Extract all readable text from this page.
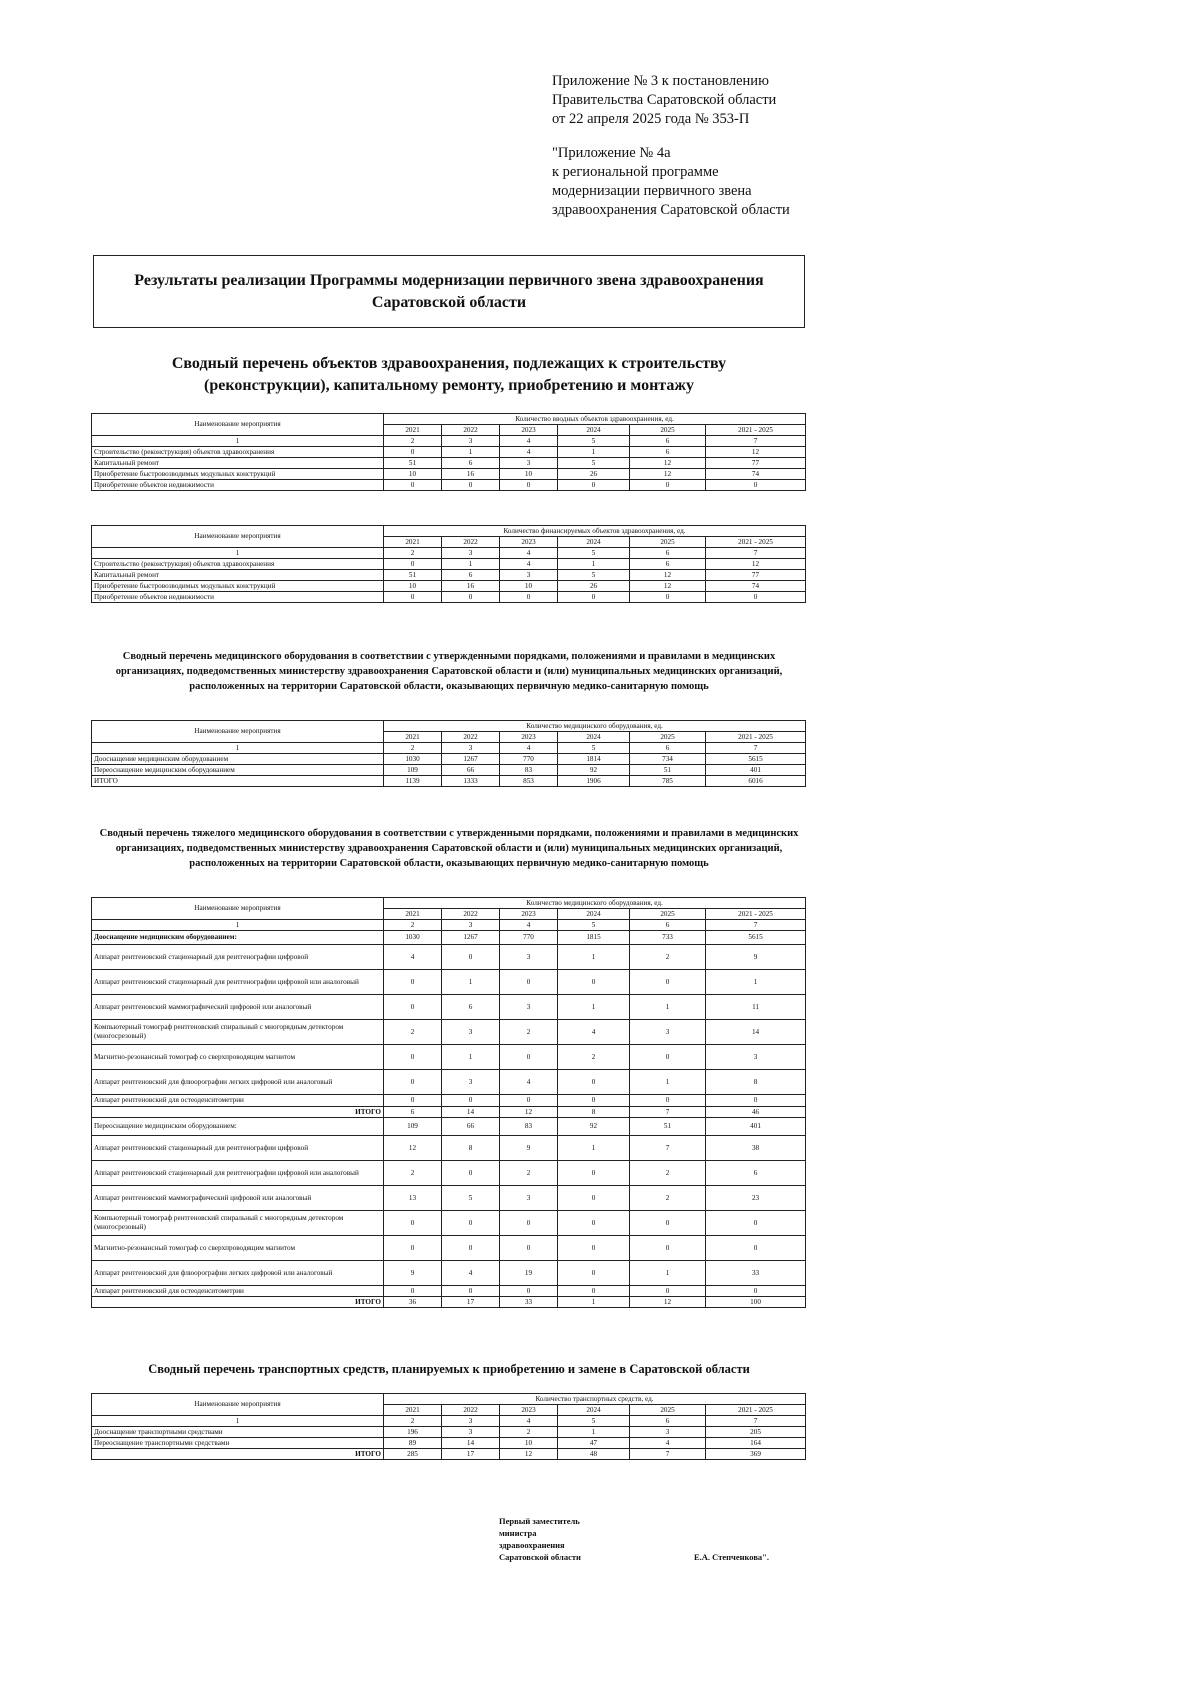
Приложение № 3 к постановлению
Правительства Саратовской области
от 22 апреля 2025 года № 353-П
"Приложение № 4а
к региональной программе
модернизации первичного звена
здравоохранения Саратовской области
Результаты реализации Программы модернизации первичного звена здравоохранения Саратовской области
Сводный перечень объектов здравоохранения, подлежащих к строительству (реконструкции), капитальному ремонту, приобретению и монтажу
Наименование мероприятия	Количество вводных объектов здравоохранения, ед.					
	2021	2022	2023	2024	2025	2021 - 2025
1	2	3	4	5	6	7
Строительство (реконструкция) объектов здравоохранения	0	1	4	1	6	12
Капитальный ремонт	51	6	3	5	12	77
Приобретение быстровозводимых модульных конструкций	10	16	10	26	12	74
Приобретение объектов недвижимости	0	0	0	0	0	0
Наименование мероприятия	Количество финансируемых объектов здравоохранения, ед.					
	2021	2022	2023	2024	2025	2021 - 2025
1	2	3	4	5	6	7
Строительство (реконструкция) объектов здравоохранения	0	1	4	1	6	12
Капитальный ремонт	51	6	3	5	12	77
Приобретение быстровозводимых модульных конструкций	10	16	10	26	12	74
Приобретение объектов недвижимости	0	0	0	0	0	0
Сводный перечень медицинского оборудования в соответствии с утвержденными порядками, положениями и правилами в медицинских организациях, подведомственных министерству здравоохранения Саратовской области и (или) муниципальных медицинских организаций, расположенных на территории Саратовской области, оказывающих первичную медико-санитарную помощь
Наименование мероприятия	Количество медицинского оборудования, ед.					
	2021	2022	2023	2024	2025	2021 - 2025
1	2	3	4	5	6	7
Дооснащение медицинским оборудованием	1030	1267	770	1814	734	5615
Переоснащение медицинским оборудованием	109	66	83	92	51	401
ИТОГО	1139	1333	853	1906	785	6016
Сводный перечень тяжелого медицинского оборудования в соответствии с утвержденными порядками, положениями и правилами в медицинских организациях, подведомственных министерству здравоохранения Саратовской области и (или) муниципальных медицинских организаций, расположенных на территории Саратовской области, оказывающих первичную медико-санитарную помощь
Наименование мероприятия	Количество медицинского оборудования, ед.					
	2021	2022	2023	2024	2025	2021 - 2025
1	2	3	4	5	6	7
Дооснащение медицинским оборудованием:	1030	1267	770	1815	733	5615
Аппарат рентгеновский стационарный для рентгенографии цифровой	4	0	3	1	2	9
Аппарат рентгеновский стационарный для рентгенографии цифровой или аналоговый	0	1	0	0	0	1
Аппарат рентгеновский маммографический цифровой или аналоговый	0	6	3	1	1	11
Компьютерный томограф рентгеновский спиральный с многорядным детектором (многосрезовый)	2	3	2	4	3	14
Магнитно-резонансный томограф со сверхпроводящим магнитом	0	1	0	2	0	3
Аппарат рентгеновский для флюорографии легких цифровой или аналоговый	0	3	4	0	1	8
Аппарат рентгеновский для остеоденситометрии	0	0	0	0	0	0
ИТОГО	6	14	12	8	7	46
Переоснащение медицинским оборудованием:	109	66	83	92	51	401
Аппарат рентгеновский стационарный для рентгенографии цифровой	12	8	9	1	7	38
Аппарат рентгеновский стационарный для рентгенографии цифровой или аналоговый	2	0	2	0	2	6
Аппарат рентгеновский маммографический цифровой или аналоговый	13	5	3	0	2	23
Компьютерный томограф рентгеновский спиральный с многорядным детектором (многосрезовый)	0	0	0	0	0	0
Магнитно-резонансный томограф со сверхпроводящим магнитом	0	0	0	0	0	0
Аппарат рентгеновский для флюорографии легких цифровой или аналоговый	9	4	19	0	1	33
Аппарат рентгеновский для остеоденситометрии	0	0	0	0	0	0
ИТОГО	36	17	33	1	12	100
Сводный перечень транспортных средств, планируемых к приобретению и замене в Саратовской области
Наименование мероприятия	Количество транспортных средств, ед.					
	2021	2022	2023	2024	2025	2021 - 2025
1	2	3	4	5	6	7
Дооснащение транспортными средствами	196	3	2	1	3	205
Переоснащение транспортными средствами	89	14	10	47	4	164
ИТОГО	285	17	12	48	7	369
Первый заместитель
министра
здравоохранения
Саратовской области	Е.А. Степченкова".
